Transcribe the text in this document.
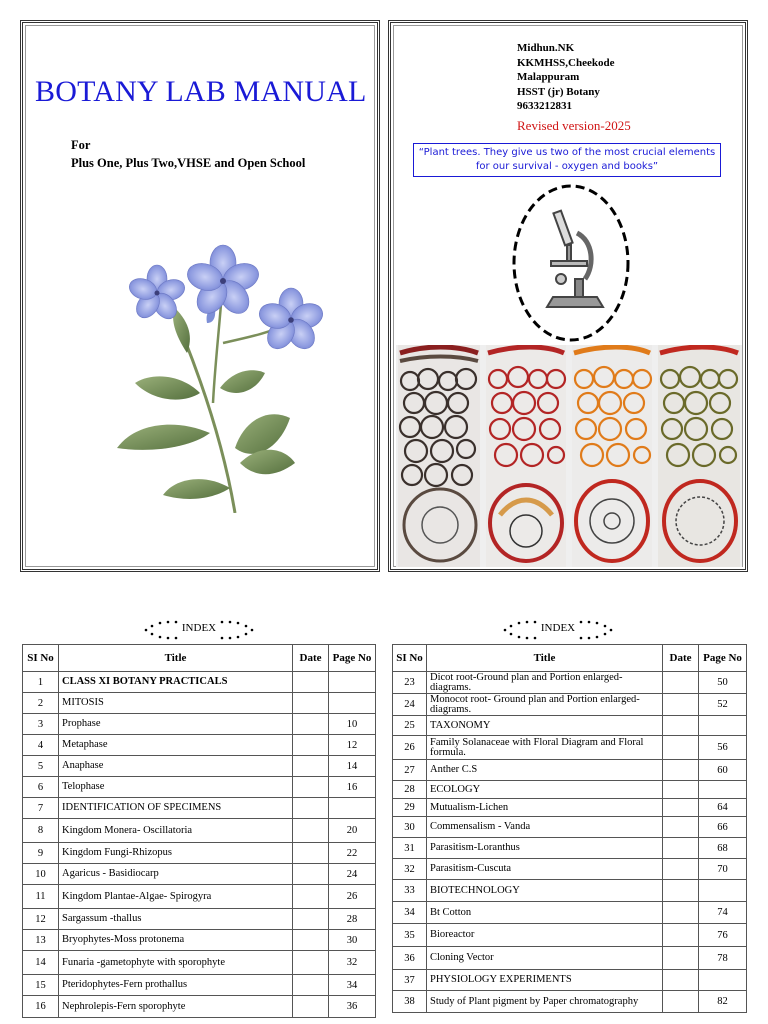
BOTANY LAB MANUAL
For
Plus One, Plus Two,VHSE and Open School
Midhun.NK
KKMHSS,Cheekode
Malappuram
HSST (jr) Botany
9633212831
Revised version-2025
“Plant trees. They give us two of the most crucial elements for our survival - oxygen and books”
INDEX
SI No	Title	Date	Page No
1	CLASS XI BOTANY PRACTICALS		
2	MITOSIS		
3	Prophase		10
4	Metaphase		12
5	Anaphase		14
6	Telophase		16
7	IDENTIFICATION OF SPECIMENS		
8	Kingdom Monera- Oscillatoria		20
9	Kingdom Fungi-Rhizopus		22
10	Agaricus - Basidiocarp		24
11	Kingdom Plantae-Algae- Spirogyra		26
12	Sargassum -thallus		28
13	Bryophytes-Moss protonema		30
14	Funaria -gametophyte with sporophyte		32
15	Pteridophytes-Fern prothallus		34
16	Nephrolepis-Fern sporophyte		36
INDEX
SI No	Title	Date	Page No
23	Dicot root-Ground plan and Portion enlarged-diagrams.		50
24	Monocot root- Ground plan and Portion enlarged-diagrams.		52
25	TAXONOMY		
26	Family Solanaceae with Floral Diagram and Floral formula.		56
27	Anther C.S		60
28	ECOLOGY		
29	Mutualism-Lichen		64
30	Commensalism - Vanda		66
31	Parasitism-Loranthus		68
32	Parasitism-Cuscuta		70
33	BIOTECHNOLOGY		
34	Bt Cotton		74
35	Bioreactor		76
36	Cloning Vector		78
37	PHYSIOLOGY EXPERIMENTS		
38	Study of Plant pigment by Paper chromatography		82
